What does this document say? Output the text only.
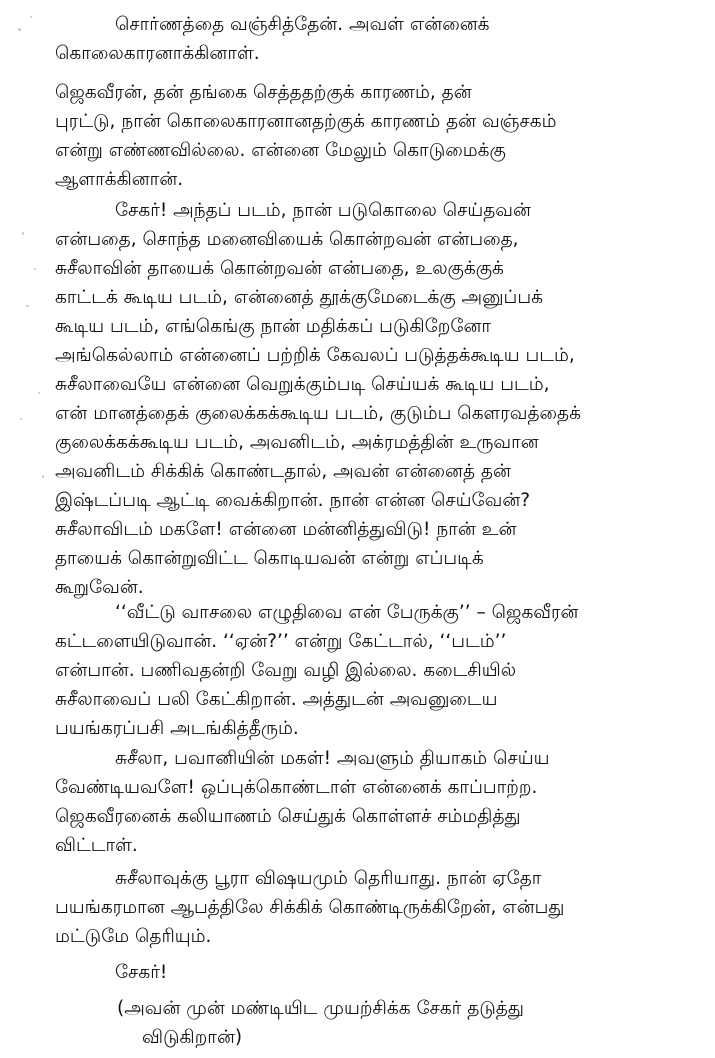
சொர்ணத்தை வஞ்சித்தேன். அவள் என்னைக்
கொலைகாரனாக்கினாள்.
ஜெகவீரன், தன் தங்கை செத்ததற்குக் காரணம், தன்
புரட்டு, நான் கொலைகாரனானதற்குக் காரணம் தன் வஞ்சகம்
என்று எண்ணவில்லை. என்னை மேலும் கொடுமைக்கு
ஆளாக்கினான்.
சேகர்! அந்தப் படம், நான் படுகொலை செய்தவன்
என்பதை, சொந்த மனைவியைக் கொன்றவன் என்பதை,
சுசீலாவின் தாயைக் கொன்றவன் என்பதை, உலகுக்குக்
காட்டக் கூடிய படம், என்னைத் தூக்குமேடைக்கு அனுப்பக்
கூடிய படம், எங்கெங்கு நான் மதிக்கப் படுகிறேனோ
அங்கெல்லாம் என்னைப் பற்றிக் கேவலப் படுத்தக்கூடிய படம்,
சுசீலாவையே என்னை வெறுக்கும்படி செய்யக் கூடிய படம்,
என் மானத்தைக் குலைக்கக்கூடிய படம், குடும்ப கௌரவத்தைக்
குலைக்கக்கூடிய படம், அவனிடம், அக்ரமத்தின் உருவான
அவனிடம் சிக்கிக் கொண்டதால், அவன் என்னைத் தன்
இஷ்டப்படி ஆட்டி வைக்கிறான். நான் என்ன செய்வேன்?
சுசீலாவிடம் மகளே! என்னை மன்னித்துவிடு! நான் உன்
தாயைக் கொன்றுவிட்ட கொடியவன் என்று எப்படிக்
கூறுவேன்.
‘‘வீட்டு வாசலை எழுதிவை என் பேருக்கு’’ – ஜெகவீரன்
கட்டளையிடுவான். ‘‘ஏன்?’’ என்று கேட்டால், ‘‘படம்’’
என்பான். பணிவதன்றி வேறு வழி இல்லை. கடைசியில்
சுசீலாவைப் பலி கேட்கிறான். அத்துடன் அவனுடைய
பயங்கரப்பசி அடங்கித்தீரும்.
சுசீலா, பவானியின் மகள்! அவளும் தியாகம் செய்ய
வேண்டியவளே! ஒப்புக்கொண்டாள் என்னைக் காப்பாற்ற.
ஜெகவீரனைக் கலியாணம் செய்துக் கொள்ளச் சம்மதித்து
விட்டாள்.
சுசீலாவுக்கு பூரா விஷயமும் தெரியாது. நான் ஏதோ
பயங்கரமான ஆபத்திலே சிக்கிக் கொண்டிருக்கிறேன், என்பது
மட்டுமே தெரியும்.
சேகர்!
(அவன் முன் மண்டியிட முயற்சிக்க சேகர் தடுத்து
விடுகிறான்)
